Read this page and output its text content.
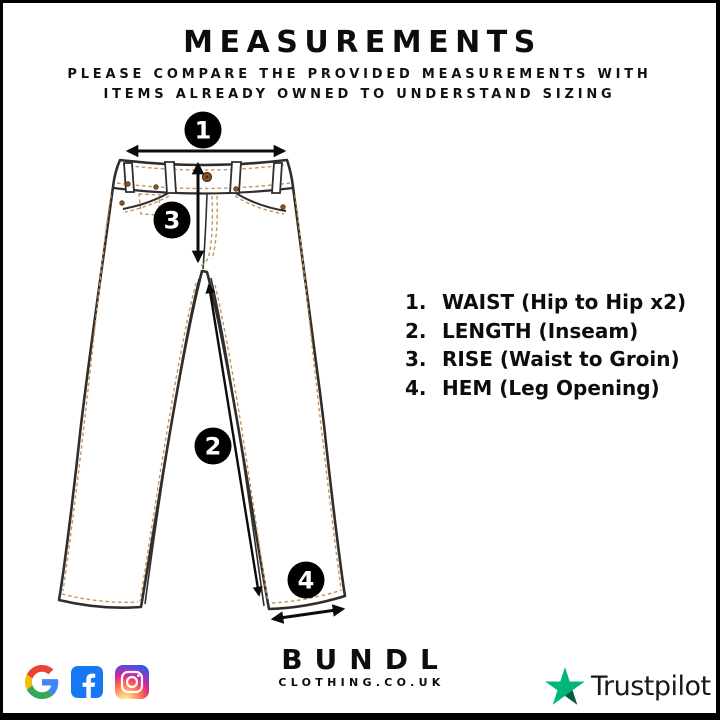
MEASUREMENTS
PLEASE COMPARE THE PROVIDED MEASUREMENTS WITH
ITEMS ALREADY OWNED TO UNDERSTAND SIZING
1
3
2
4
1. WAIST (Hip to Hip x2)
2. LENGTH (Inseam)
3. RISE (Waist to Groin)
4. HEM (Leg Opening)
BUNDL
CLOTHING.CO.UK	Trustpilot
